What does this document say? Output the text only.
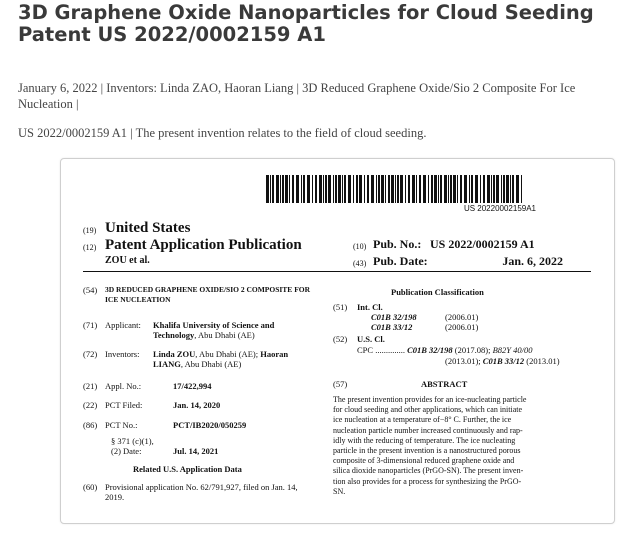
3D Graphene Oxide Nanoparticles for Cloud Seeding Patent US 2022/0002159 A1
January 6, 2022 | Inventors: Linda ZAO, Haoran Liang | 3D Reduced Graphene Oxide/Sio 2 Composite For Ice Nucleation |
US 2022/0002159 A1 | The present invention relates to the field of cloud seeding.
US 20220002159A1
(19) United States
(12) Patent Application Publication
ZOU et al.
(10) Pub. No.: US 2022/0002159 A1
(43) Pub. Date:	Jan. 6, 2022
(54) 3D REDUCED GRAPHENE OXIDE/SIO 2 COMPOSITE FOR ICE NUCLEATION
(71) Applicant: Khalifa University of Science and Technology, Abu Dhabi (AE)
(72) Inventors: Linda ZOU, Abu Dhabi (AE); Haoran
LIANG, Abu Dhabi (AE)
(21) Appl. No.:	17/422,994
(22) PCT Filed:	Jan. 14, 2020
(86) PCT No.:	PCT/IB2020/050259
§ 371 (c)(1),
(2) Date:	Jul. 14, 2021
Related U.S. Application Data
(60) Provisional application No. 62/791,927, filed on Jan. 14, 2019.
Publication Classification
(51) Int. Cl.
C01B 32/198	(2006.01)
C01B 33/12	(2006.01)
(52) U.S. Cl.
CPC .............. C01B 32/198 (2017.08); B82Y 40/00
(2013.01); C01B 33/12 (2013.01)
(57)	ABSTRACT
The present invention provides for an ice-nucleating particle
for cloud seeding and other applications, which can initiate
ice nucleation at a temperature of−8° C. Further, the ice
nucleation particle number increased continuously and rap-
idly with the reducing of temperature. The ice nucleating
particle in the present invention is a nanostructured porous
composite of 3-dimensional reduced graphene oxide and
silica dioxide nanoparticles (PrGO-SN). The present inven-
tion also provides for a process for synthesizing the PrGO-
SN.
